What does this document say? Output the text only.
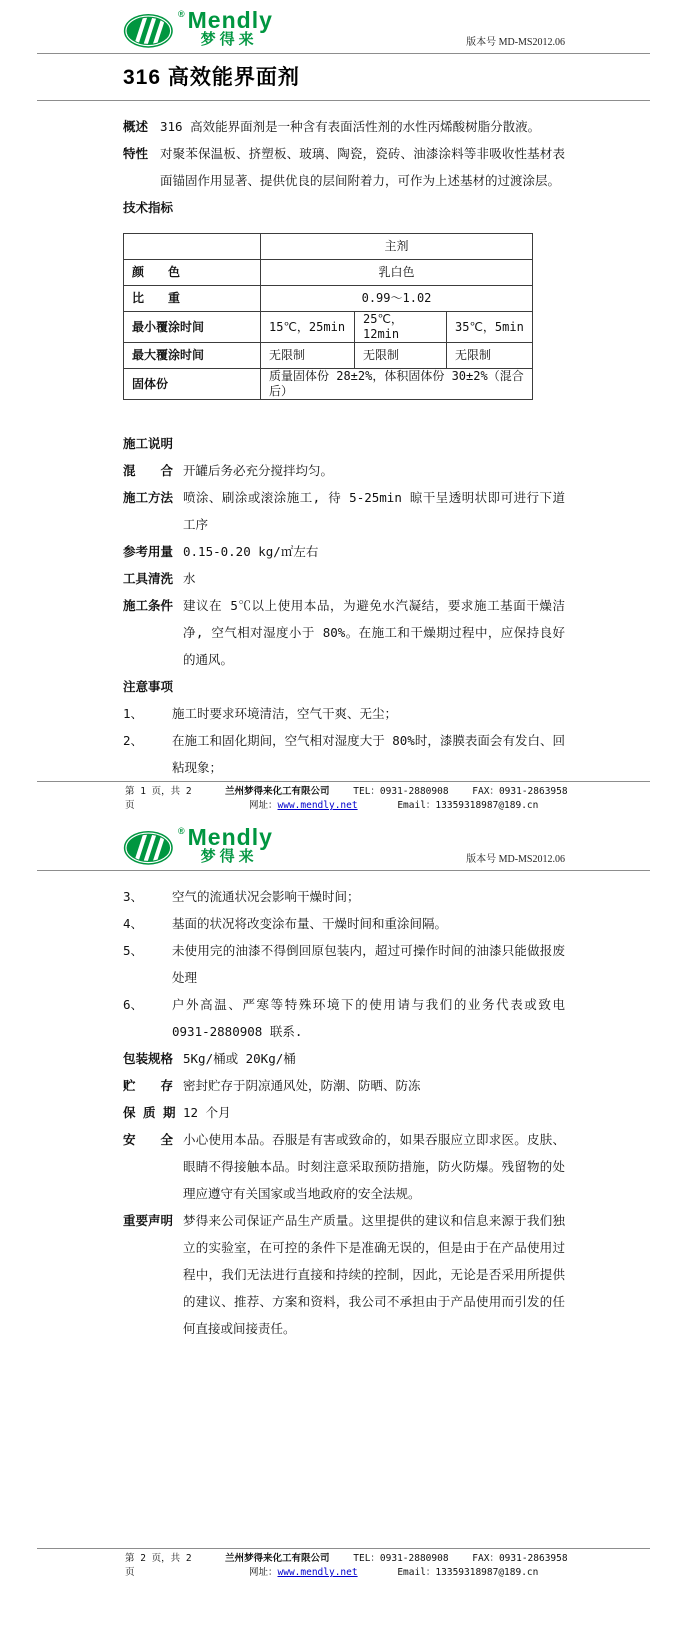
® Mendly
梦得来	版本号 MD-MS2012.06
316 高效能界面剂
概述 316 高效能界面剂是一种含有表面活性剂的水性丙烯酸树脂分散液。
特性 对聚苯保温板、挤塑板、玻璃、陶瓷，瓷砖、油漆涂料等非吸收性基材表面锚固作用显著、提供优良的层间附着力，可作为上述基材的过渡涂层。
技术指标
	主剂		
颜　　色	乳白色		
比　　重	0.99～1.02		
最小覆涂时间	15℃，25min	25℃，12min	35℃，5min
最大覆涂时间	无限制	无限制	无限制
固体份	质量固体份 28±2%，体积固体份 30±2%（混合后）		
施工说明
混　　合 开罐后务必充分搅拌均匀。
施工方法 喷涂、刷涂或滚涂施工, 待 5-25min 晾干呈透明状即可进行下道工序
参考用量 0.15-0.20 kg/㎡左右
工具清洗 水
施工条件 建议在 5℃以上使用本品，为避免水汽凝结，要求施工基面干燥洁净, 空气相对湿度小于 80%。在施工和干燥期过程中，应保持良好的通风。
注意事项
1、	施工时要求环境清洁，空气干爽、无尘；
2、	在施工和固化期间，空气相对湿度大于 80%时，漆膜表面会有发白、回粘现象；
第 1 页，共 2 页
兰州梦得来化工有限公司 TEL：0931-2880908 FAX：0931-2863958
网址：www.mendly.net	Email：13359318987@189.cn
® Mendly
梦得来	版本号 MD-MS2012.06
3、	空气的流通状况会影响干燥时间；
4、	基面的状况将改变涂布量、干燥时间和重涂间隔。
5、	未使用完的油漆不得倒回原包装内，超过可操作时间的油漆只能做报废处理
6、	户外高温、严寒等特殊环境下的使用请与我们的业务代表或致电 0931-2880908 联系.
包装规格 5Kg/桶或 20Kg/桶
贮　　存 密封贮存于阴凉通风处，防潮、防晒、防冻
保 质 期 12 个月
安　　全 小心使用本品。吞服是有害或致命的，如果吞服应立即求医。皮肤、眼睛不得接触本品。时刻注意采取预防措施，防火防爆。残留物的处理应遵守有关国家或当地政府的安全法规。
重要声明 梦得来公司保证产品生产质量。这里提供的建议和信息来源于我们独立的实验室，在可控的条件下是准确无误的，但是由于在产品使用过程中，我们无法进行直接和持续的控制，因此，无论是否采用所提供的建议、推荐、方案和资料，我公司不承担由于产品使用而引发的任何直接或间接责任。
第 2 页，共 2 页
兰州梦得来化工有限公司 TEL：0931-2880908 FAX：0931-2863958
网址：www.mendly.net	Email：13359318987@189.cn
